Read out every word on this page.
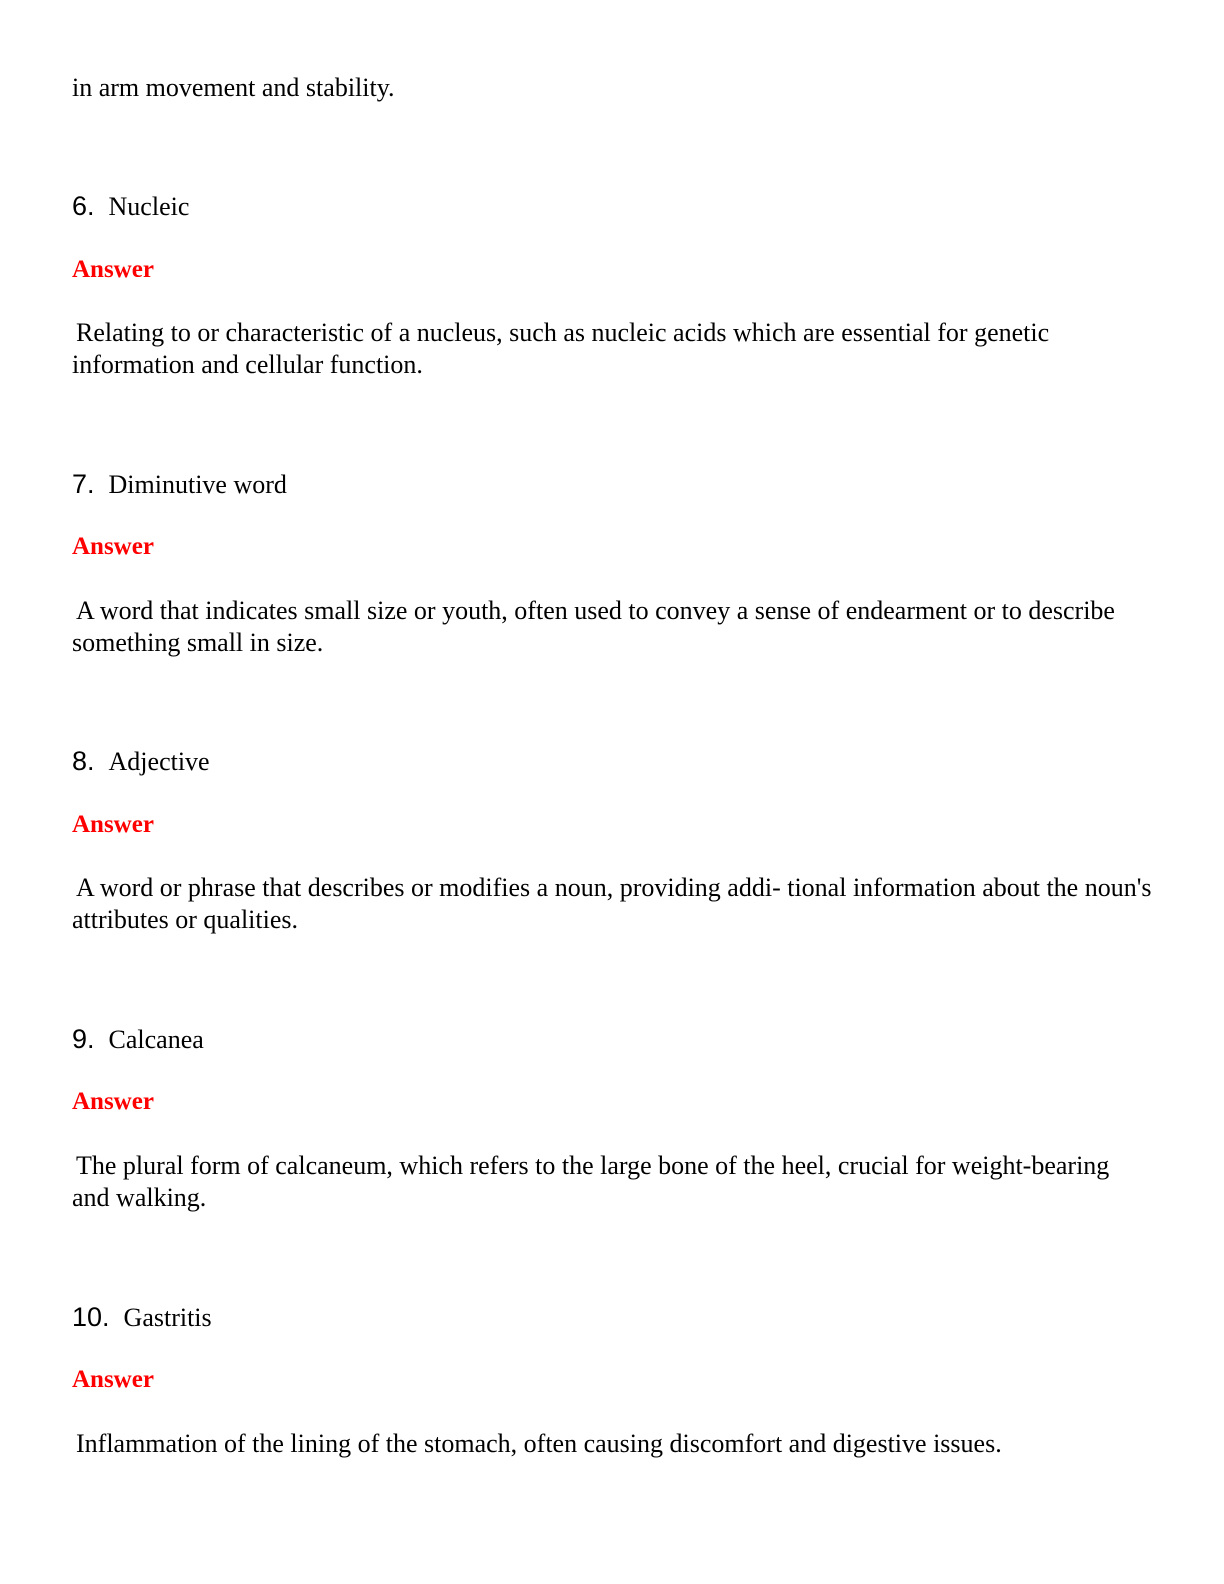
in arm movement and stability.
6. Nucleic
Answer
Relating to or characteristic of a nucleus, such as nucleic acids which are essential for genetic information and cellular function.
7. Diminutive word
Answer
A word that indicates small size or youth, often used to convey a sense of endearment or to describe something small in size.
8. Adjective
Answer
A word or phrase that describes or modifies a noun, providing addi- tional information about the noun's attributes or qualities.
9. Calcanea
Answer
The plural form of calcaneum, which refers to the large bone of the heel, crucial for weight-bearing and walking.
10. Gastritis
Answer
Inflammation of the lining of the stomach, often causing discomfort and digestive issues.
